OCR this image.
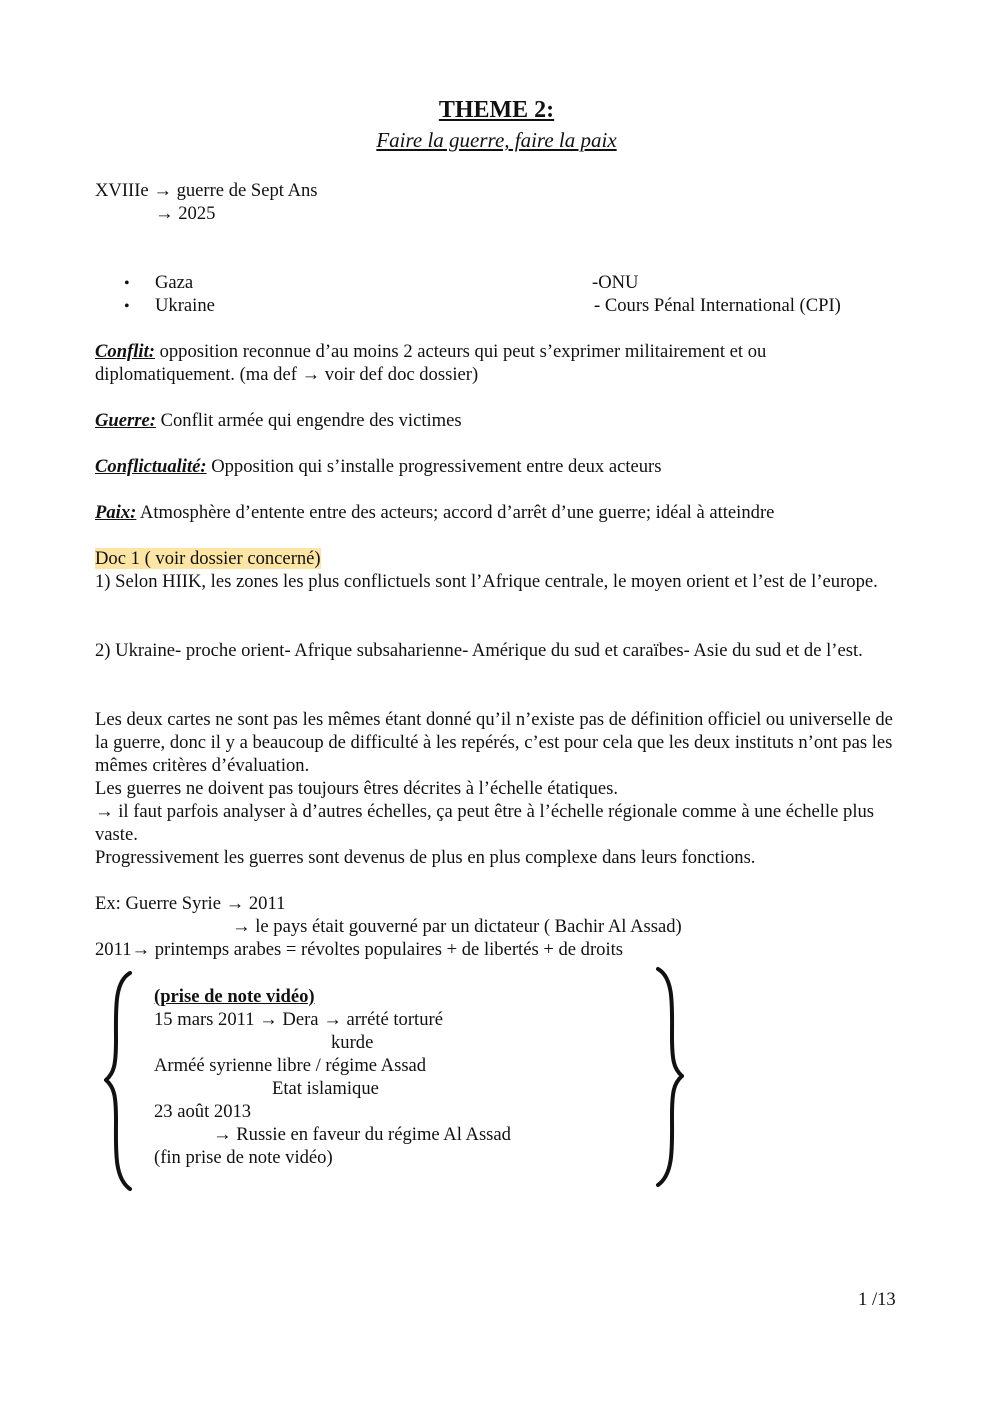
THEME 2:
Faire la guerre, faire la paix
XVIIIe → guerre de Sept Ans
→ 2025
• Gaza
• Ukraine
-ONU
- Cours Pénal International (CPI)
Conflit: opposition reconnue d’au moins 2 acteurs qui peut s’exprimer militairement et ou diplomatiquement. (ma def → voir def doc dossier)
Guerre: Conflit armée qui engendre des victimes
Conflictualité: Opposition qui s’installe progressivement entre deux acteurs
Paix: Atmosphère d’entente entre des acteurs; accord d’arrêt d’une guerre; idéal à atteindre
Doc 1 ( voir dossier concerné)
1) Selon HIIK, les zones les plus conflictuels sont l’Afrique centrale, le moyen orient et l’est de l’europe.
2) Ukraine- proche orient- Afrique subsaharienne- Amérique du sud et caraïbes- Asie du sud et de l’est.
Les deux cartes ne sont pas les mêmes étant donné qu’il n’existe pas de définition officiel ou universelle de la guerre, donc il y a beaucoup de difficulté à les repérés, c’est pour cela que les deux instituts n’ont pas les mêmes critères d’évaluation.
Les guerres ne doivent pas toujours êtres décrites à l’échelle étatiques.
→ il faut parfois analyser à d’autres échelles, ça peut être à l’échelle régionale comme à une échelle plus vaste.
Progressivement les guerres sont devenus de plus en plus complexe dans leurs fonctions.
Ex: Guerre Syrie → 2011
→ le pays était gouverné par un dictateur ( Bachir Al Assad)
2011→ printemps arabes = révoltes populaires + de libertés + de droits
(prise de note vidéo)
15 mars 2011 → Dera → arrété torturé
kurde
Arméé syrienne libre / régime Assad
Etat islamique
23 août 2013
→ Russie en faveur du régime Al Assad
(fin prise de note vidéo)
1 /13
